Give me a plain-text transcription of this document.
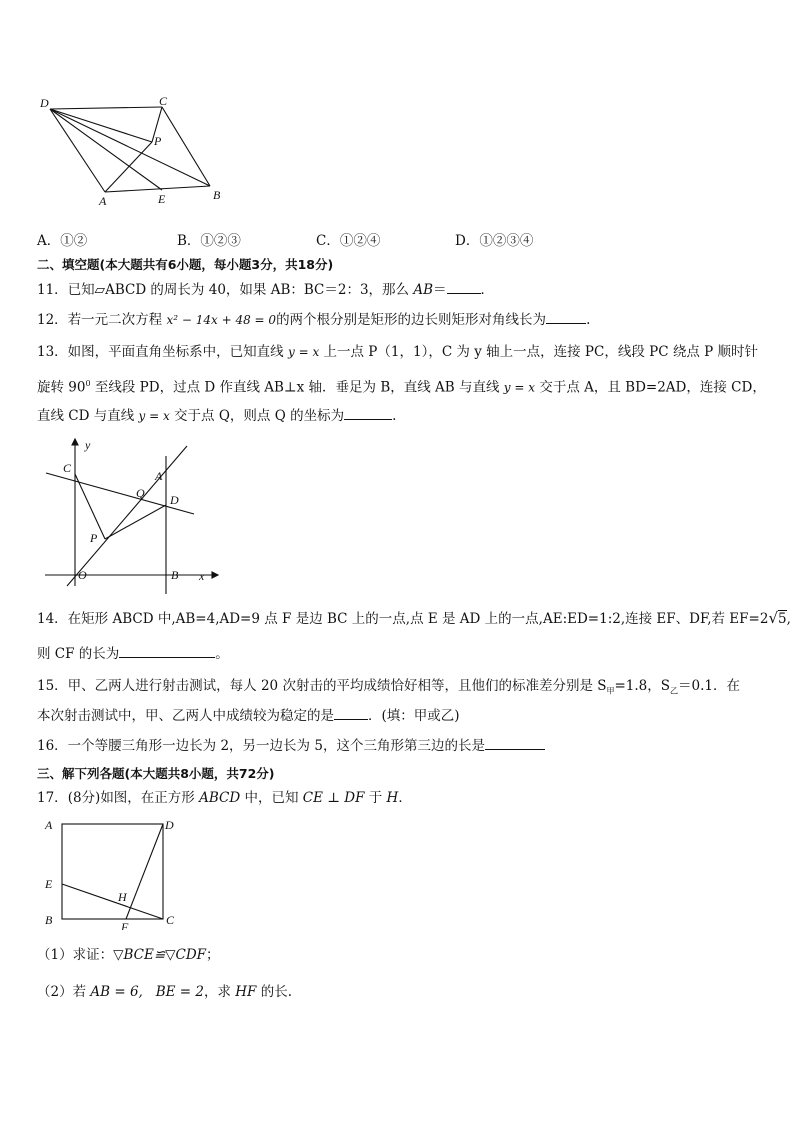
D	C
P
A	E	B
A．①②	B．①②③	C．①②④	D．①②③④
二、填空题(本大题共有6小题，每小题3分，共18分)
11．已知▱ABCD 的周长为 40，如果 AB：BC＝2：3，那么 AB＝	．
12．若一元二次方程 x² − 14x + 48 = 0的两个根分别是矩形的边长则矩形对角线长为	.
13．如图，平面直角坐标系中，已知直线 y = x 上一点 P（1，1），C 为 y 轴上一点，连接 PC，线段 PC 绕点 P 顺时针
旋转 $90^0$ 至线段 PD，过点 D 作直线 AB⊥x 轴．垂足为 B，直线 AB 与直线 y = x 交于点 A，且 BD=2AD，连接 CD，
直线 CD 与直线 y = x 交于点 Q，则点 Q 的坐标为	.
y
x
C
A
Q D
P
O	B
14．在矩形 ABCD 中,AB=4,AD=9 点 F 是边 BC 上的一点,点 E 是 AD 上的一点,AE:ED=1:2,连接 EF、DF,若 EF=2√5,
则 CF 的长为	。
15．甲、乙两人进行射击测试，每人 20 次射击的平均成绩恰好相等，且他们的标准差分别是 $S_甲=1.8$，$S_乙=0.1$．在
本次射击测试中，甲、乙两人中成绩较为稳定的是	．(填：甲或乙)
16．一个等腰三角形一边长为 2，另一边长为 5，这个三角形第三边的长是
三、解下列各题(本大题共8小题，共72分)
17．(8分)如图，在正方形 ABCD 中，已知 CE ⊥ DF 于 H．
A	D
E
H
B	F	C
（1）求证：▽BCE≌▽CDF；
（2）若 AB = 6,   BE = 2，求 HF 的长.
